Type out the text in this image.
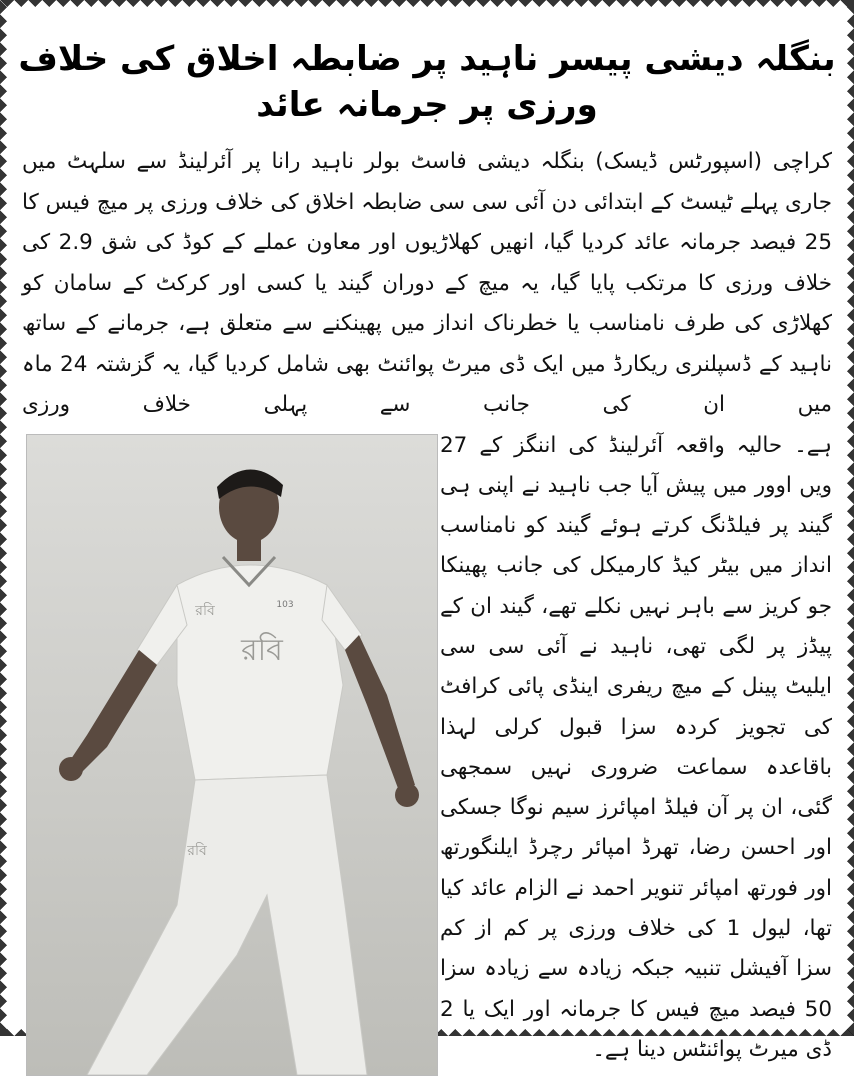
بنگلہ دیشی پیسر ناہید پر ضابطہ اخلاق کی خلاف ورزی پر جرمانہ عائد

کراچی (اسپورٹس ڈیسک) بنگلہ دیشی فاسٹ بولر ناہید رانا پر آئرلینڈ سے سلہٹ میں جاری پہلے ٹیسٹ کے ابتدائی دن آئی سی سی ضابطہ اخلاق کی خلاف ورزی پر میچ فیس کا 25 فیصد جرمانہ عائد کردیا گیا، انھیں کھلاڑیوں اور معاون عملے کے کوڈ کی شق 2.9 کی خلاف ورزی کا مرتکب پایا گیا، یہ میچ کے دوران گیند یا کسی اور کرکٹ کے سامان کو کھلاڑی کی طرف نامناسب یا خطرناک انداز میں پھینکنے سے متعلق ہے، جرمانے کے ساتھ ناہید کے ڈسپلنری ریکارڈ میں ایک ڈی میرٹ پوائنٹ بھی شامل کردیا گیا، یہ گزشتہ 24 ماہ میں ان کی جانب سے پہلی خلاف ورزی

ہے۔ حالیہ واقعہ آئرلینڈ کی اننگز کے 27 ویں اوور میں پیش آیا جب ناہید نے اپنی ہی گیند پر فیلڈنگ کرتے ہوئے گیند کو نامناسب انداز میں بیٹر کیڈ کارمیکل کی جانب پھینکا جو کریز سے باہر نہیں نکلے تھے، گیند ان کے پیڈز پر لگی تھی، ناہید نے آئی سی سی ایلیٹ پینل کے میچ ریفری اینڈی پائی کرافٹ کی تجویز کردہ سزا قبول کرلی لہذا باقاعدہ سماعت ضروری نہیں سمجھی گئی، ان پر آن فیلڈ امپائرز سیم نوگا جسکی اور احسن رضا، تھرڈ امپائر رچرڈ ایلنگورتھ اور فورتھ امپائر تنویر احمد نے الزام عائد کیا تھا، لیول 1 کی خلاف ورزی پر کم از کم سزا آفیشل تنبیہ جبکہ زیادہ سے زیادہ سزا 50 فیصد میچ فیس کا جرمانہ اور ایک یا 2 ڈی میرٹ پوائنٹس دینا ہے۔

রবি
রবি	103
রবি
